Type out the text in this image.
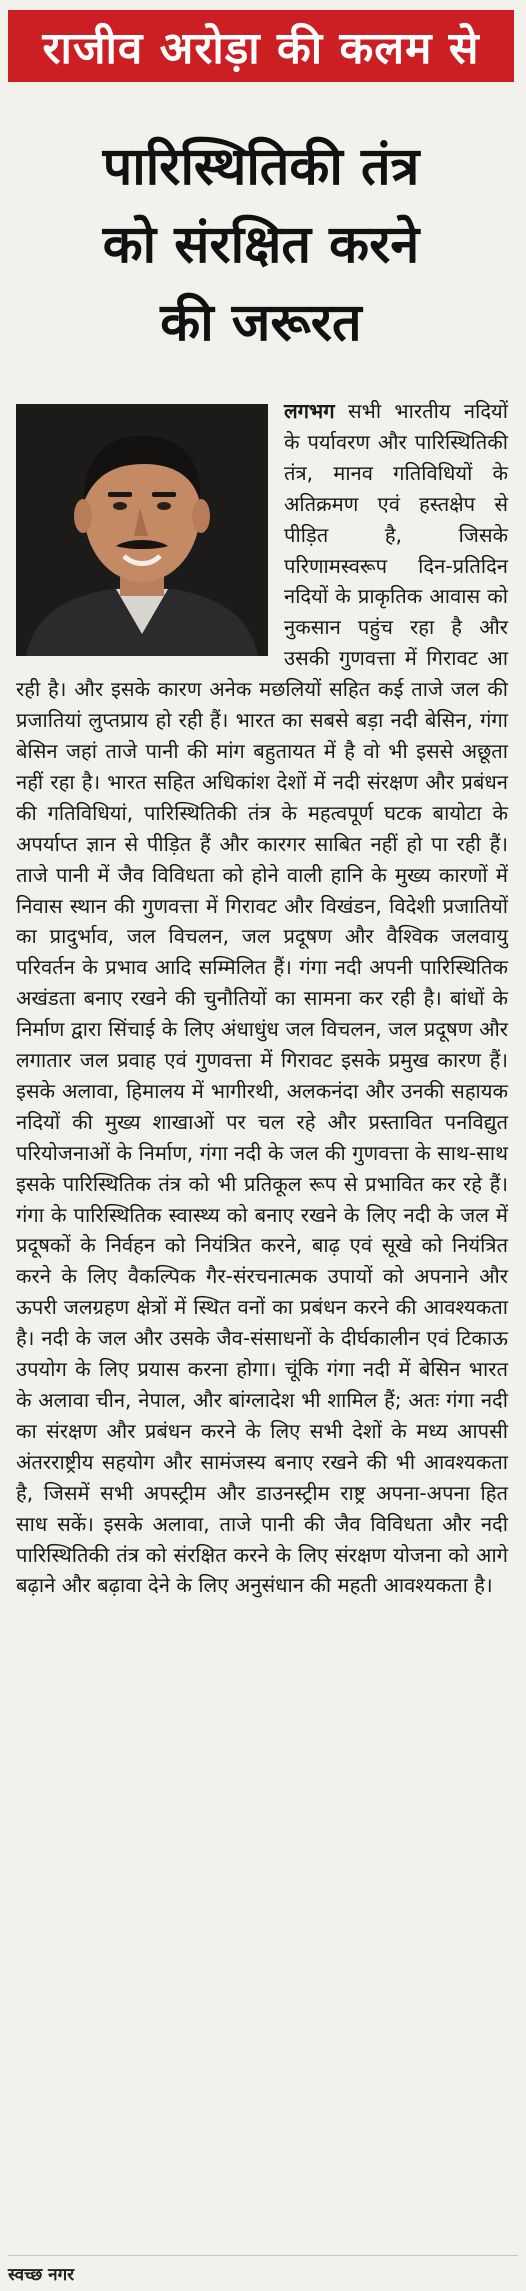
राजीव अरोड़ा की कलम से
पारिस्थितिकी तंत्र
को संरक्षित करने
की जरूरत
लगभग
सभी भारतीय नदियों के पर्यावरण और पारिस्थितिकी तंत्र, मानव गतिविधियों के अतिक्रमण एवं हस्तक्षेप से पीड़ित है, जिसके परिणामस्वरूप दिन-प्रतिदिन नदियों के प्राकृतिक आवास को नुकसान पहुंच रहा है और उसकी गुणवत्ता में गिरावट आ रही है। और इसके कारण अनेक मछलियों सहित कई ताजे जल की प्रजातियां लुप्तप्राय हो रही हैं। भारत का सबसे बड़ा नदी बेसिन, गंगा बेसिन जहां ताजे पानी की मांग बहुतायत में है वो भी इससे अछूता नहीं रहा है। भारत सहित अधिकांश देशों में नदी संरक्षण और प्रबंधन की गतिविधियां, पारिस्थितिकी तंत्र के महत्वपूर्ण घटक बायोटा के अपर्याप्त ज्ञान से पीड़ित हैं और कारगर साबित नहीं हो पा रही हैं। ताजे पानी में जैव विविधता को होने वाली हानि के मुख्य कारणों में निवास स्थान की गुणवत्ता में गिरावट और विखंडन, विदेशी प्रजातियों का प्रादुर्भाव, जल विचलन, जल प्रदूषण और वैश्विक जलवायु परिवर्तन के प्रभाव आदि सम्मिलित हैं। गंगा नदी अपनी पारिस्थितिक अखंडता बनाए रखने की चुनौतियों का सामना कर रही है। बांधों के निर्माण द्वारा सिंचाई के लिए अंधाधुंध जल विचलन, जल प्रदूषण और लगातार जल प्रवाह एवं गुणवत्ता में गिरावट इसके प्रमुख कारण हैं। इसके अलावा, हिमालय में भागीरथी, अलकनंदा और उनकी सहायक नदियों की मुख्य शाखाओं पर चल रहे और प्रस्तावित पनविद्युत परियोजनाओं के निर्माण, गंगा नदी के जल की गुणवत्ता के साथ-साथ इसके पारिस्थितिक तंत्र को भी प्रतिकूल रूप से प्रभावित कर रहे हैं। गंगा के पारिस्थितिक स्वास्थ्य को बनाए रखने के लिए नदी के जल में प्रदूषकों के निर्वहन को नियंत्रित करने, बाढ़ एवं सूखे को नियंत्रित करने के लिए वैकल्पिक गैर-संरचनात्मक उपायों को अपनाने और ऊपरी जलग्रहण क्षेत्रों में स्थित वनों का प्रबंधन करने की आवश्यकता है। नदी के जल और उसके जैव-संसाधनों के दीर्घकालीन एवं टिकाऊ उपयोग के लिए प्रयास करना होगा। चूंकि गंगा नदी में बेसिन भारत के अलावा चीन, नेपाल, और बांग्लादेश भी शामिल हैं; अतः गंगा नदी का संरक्षण और प्रबंधन करने के लिए सभी देशों के मध्य आपसी अंतरराष्ट्रीय सहयोग और सामंजस्य बनाए रखने की भी आवश्यकता है, जिसमें सभी अपस्ट्रीम और डाउनस्ट्रीम राष्ट्र अपना-अपना हित साध सकें। इसके अलावा, ताजे पानी की जैव विविधता और नदी पारिस्थितिकी तंत्र को संरक्षित करने के लिए संरक्षण योजना को आगे बढ़ाने और बढ़ावा देने के लिए अनुसंधान की महती आवश्यकता है।
स्वच्छ नगर
